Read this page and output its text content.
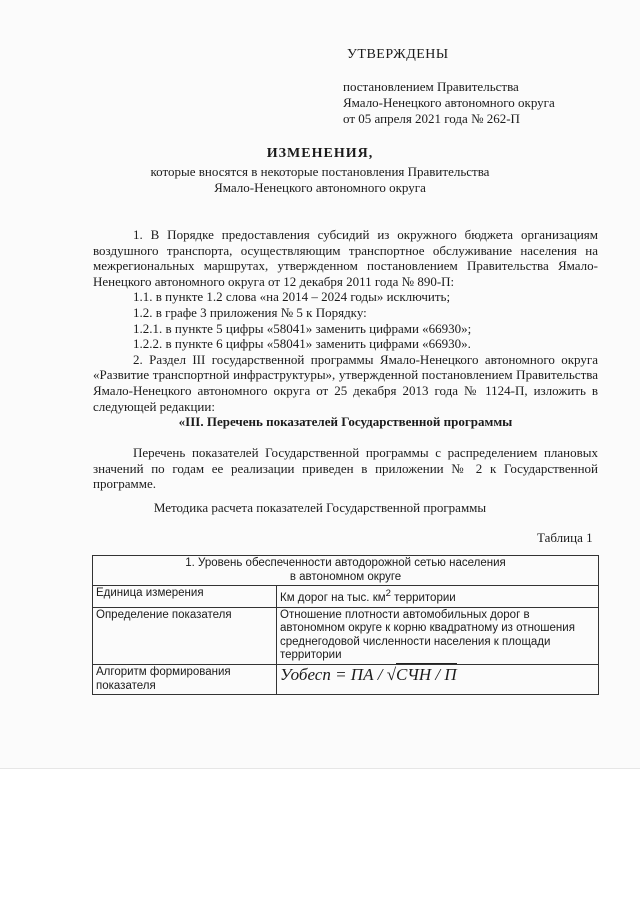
УТВЕРЖДЕНЫ
постановлением Правительства
Ямало-Ненецкого автономного округа
от 05 апреля 2021 года № 262-П
ИЗМЕНЕНИЯ,
которые вносятся в некоторые постановления Правительства
Ямало-Ненецкого автономного округа

1. В Порядке предоставления субсидий из окружного бюджета организациям воздушного транспорта, осуществляющим транспортное обслуживание населения на межрегиональных маршрутах, утвержденном постановлением Правительства Ямало-Ненецкого автономного округа от 12 декабря 2011 года № 890-П:

1.1. в пункте 1.2 слова «на 2014 – 2024 годы» исключить;

1.2. в графе 3 приложения № 5 к Порядку:

1.2.1. в пункте 5 цифры «58041» заменить цифрами «66930»;

1.2.2. в пункте 6 цифры «58041» заменить цифрами «66930».

2. Раздел III государственной программы Ямало-Ненецкого автономного округа «Развитие транспортной инфраструктуры», утвержденной постановлением Правительства Ямало-Ненецкого автономного округа от 25 декабря 2013 года № 1124-П, изложить в следующей редакции:

«III. Перечень показателей Государственной программы

Перечень показателей Государственной программы с распределением плановых значений по годам ее реализации приведен в приложении № 2 к Государственной программе.

Методика расчета показателей Государственной программы
Таблица 1
1. Уровень обеспеченности автодорожной сетью населения
в автономном округе	

Единица измерения	Км дорог на тыс. $км^2$ территории
Определение показателя	Отношение плотности автомобильных дорог в автономном округе к корню квадратному из отношения среднегодовой численности населения к площади территории
Алгоритм формирования показателя	Уобесп = ПА / √СЧН / П
